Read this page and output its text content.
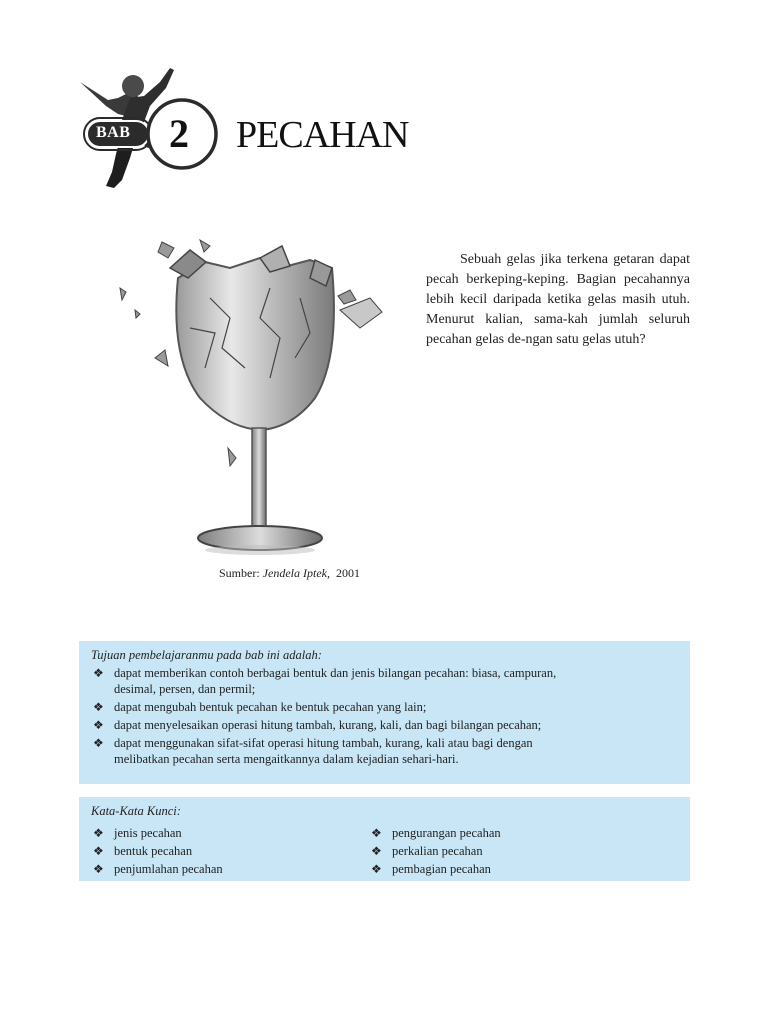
BAB 2 PECAHAN
Sumber: Jendela Iptek, 2001
Sebuah gelas jika terkena getaran dapat pecah berkeping-keping. Bagian pecahannya lebih kecil daripada ketika gelas masih utuh. Menurut kalian, sama-kah jumlah seluruh pecahan gelas de-ngan satu gelas utuh?
Tujuan pembelajaranmu pada bab ini adalah:
❖ dapat memberikan contoh berbagai bentuk dan jenis bilangan pecahan: biasa, campuran, desimal, persen, dan permil;
❖ dapat mengubah bentuk pecahan ke bentuk pecahan yang lain;
❖ dapat menyelesaikan operasi hitung tambah, kurang, kali, dan bagi bilangan pecahan;
❖ dapat menggunakan sifat-sifat operasi hitung tambah, kurang, kali atau bagi dengan melibatkan pecahan serta mengaitkannya dalam kejadian sehari-hari.
Kata-Kata Kunci:
❖ jenis pecahan	❖ pengurangan pecahan
❖ bentuk pecahan	❖ perkalian pecahan
❖ penjumlahan pecahan	❖ pembagian pecahan
